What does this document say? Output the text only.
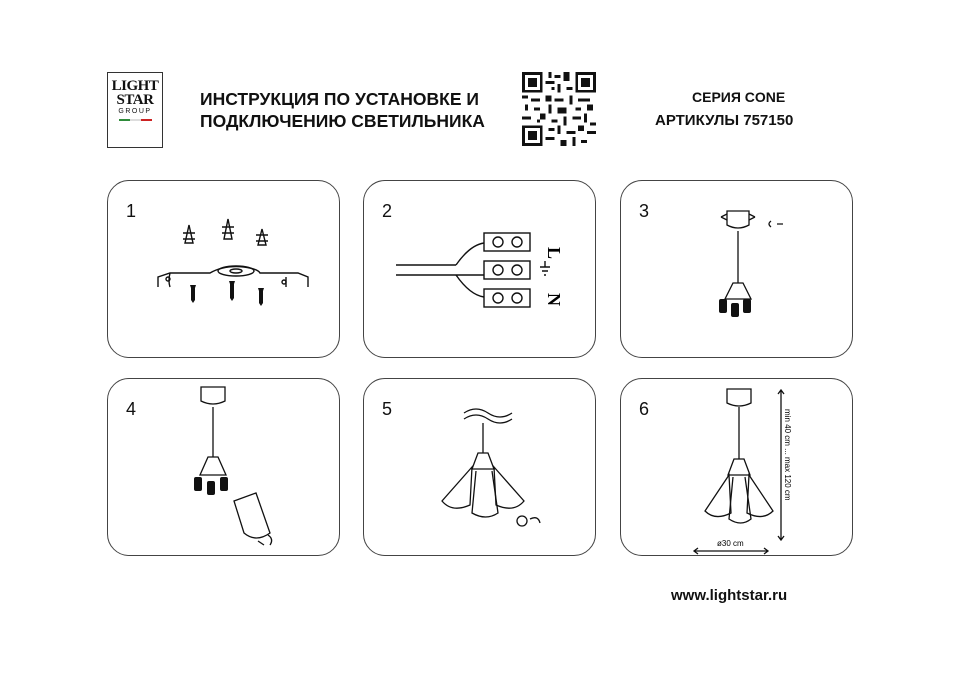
LIGHT
STAR
GROUP
ИНСТРУКЦИЯ ПО УСТАНОВКЕ И
ПОДКЛЮЧЕНИЮ СВЕТИЛЬНИКА
СЕРИЯ CONE
АРТИКУЛЫ 757150
1	2
L
N
3
4	5	6	min 40 cm ... max 120 cm
ø30 cm
www.lightstar.ru
